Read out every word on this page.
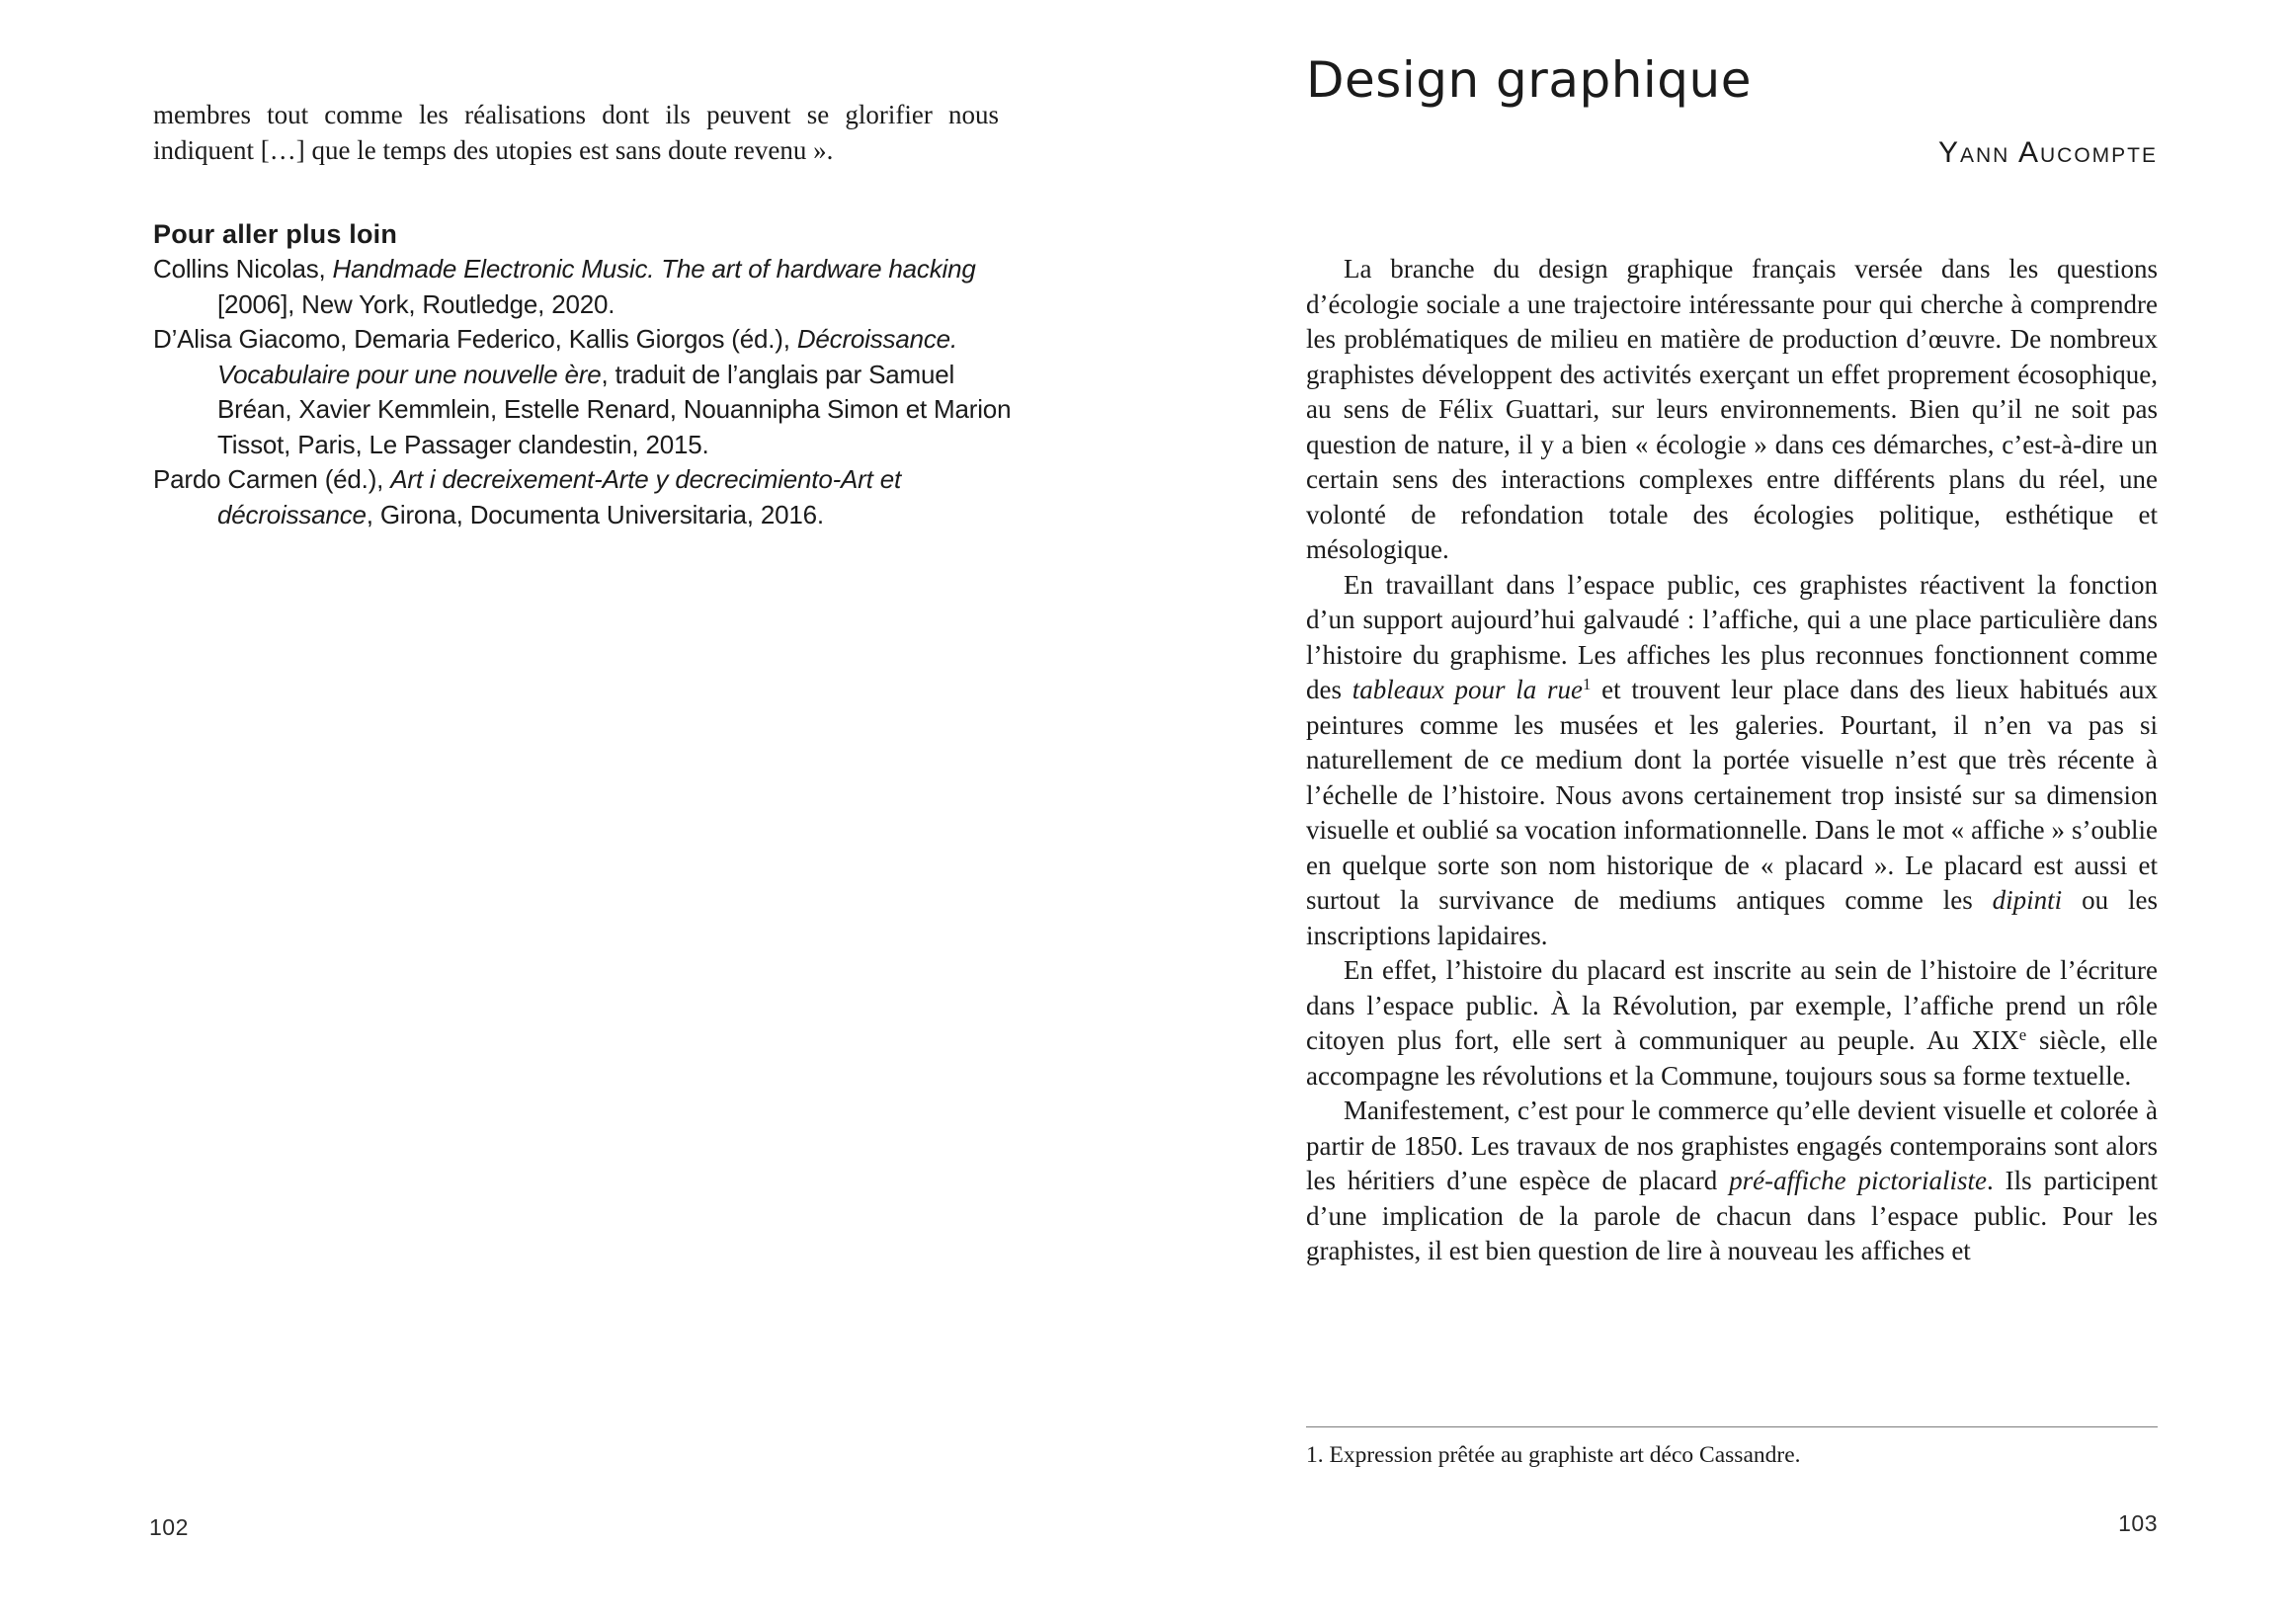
membres tout comme les réalisations dont ils peuvent se glorifier nous indiquent […] que le temps des utopies est sans doute revenu ».

Pour aller plus loin
Collins Nicolas, Handmade Electronic Music. The art of hardware hacking [2006], New York, Routledge, 2020.
D’Alisa Giacomo, Demaria Federico, Kallis Giorgos (éd.), Décroissance. Vocabulaire pour une nouvelle ère, traduit de l’anglais par Samuel Bréan, Xavier Kemmlein, Estelle Renard, Nouannipha Simon et Marion Tissot, Paris, Le Passager clandestin, 2015.
Pardo Carmen (éd.), Art i decreixement-Arte y decrecimiento-Art et décroissance, Girona, Documenta Universitaria, 2016.
102
Design graphique
Yann Aucompte

La branche du design graphique français versée dans les questions d’écologie sociale a une trajectoire intéressante pour qui cherche à comprendre les problématiques de milieu en matière de production d’œuvre. De nombreux graphistes développent des activités exerçant un effet proprement écosophique, au sens de Félix Guattari, sur leurs environnements. Bien qu’il ne soit pas question de nature, il y a bien « écologie » dans ces démarches, c’est-à-dire un certain sens des interactions complexes entre différents plans du réel, une volonté de refondation totale des écologies politique, esthétique et mésologique.

En travaillant dans l’espace public, ces graphistes réactivent la fonction d’un support aujourd’hui galvaudé : l’affiche, qui a une place particulière dans l’histoire du graphisme. Les affiches les plus reconnues fonctionnent comme des tableaux pour la rue$^1$ et trouvent leur place dans des lieux habitués aux peintures comme les musées et les galeries. Pourtant, il n’en va pas si naturellement de ce medium dont la portée visuelle n’est que très récente à l’échelle de l’histoire. Nous avons certainement trop insisté sur sa dimension visuelle et oublié sa vocation informationnelle. Dans le mot « affiche » s’oublie en quelque sorte son nom historique de « placard ». Le placard est aussi et surtout la survivance de mediums antiques comme les dipinti ou les inscriptions lapidaires.

En effet, l’histoire du placard est inscrite au sein de l’histoire de l’écriture dans l’espace public. À la Révolution, par exemple, l’affiche prend un rôle citoyen plus fort, elle sert à communiquer au peuple. Au XIXe siècle, elle accompagne les révolutions et la Commune, toujours sous sa forme textuelle.

Manifestement, c’est pour le commerce qu’elle devient visuelle et colorée à partir de 1850. Les travaux de nos graphistes engagés contemporains sont alors les héritiers d’une espèce de placard pré-affiche pictorialiste. Ils participent d’une implication de la parole de chacun dans l’espace public. Pour les graphistes, il est bien question de lire à nouveau les affiches et

1. Expression prêtée au graphiste art déco Cassandre.
103
